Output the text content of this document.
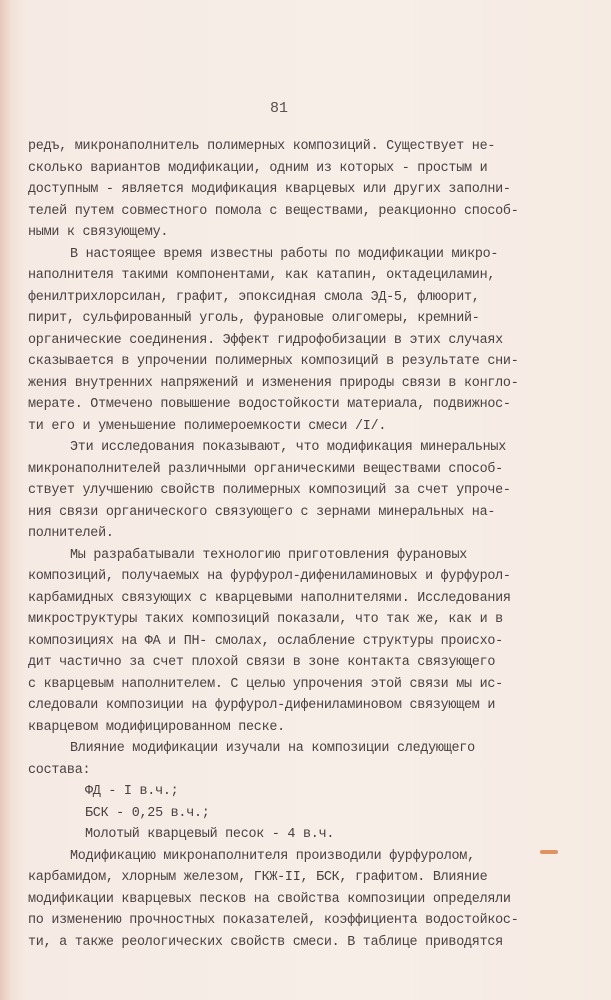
81
редъ, микронаполнитель полимерных композиций. Существует не-
сколько вариантов модификации, одним из которых - простым и
доступным - является модификация кварцевых или других заполни-
телей путем совместного помола с веществами, реакционно способ-
ными к связующему.
В настоящее время известны работы по модификации микро-
наполнителя такими компонентами, как катапин, октадециламин,
фенилтрихлорсилан, графит, эпоксидная смола ЭД-5, флюорит,
пирит, сульфированный уголь, фурановые олигомеры, кремний-
органические соединения. Эффект гидрофобизации в этих случаях
сказывается в упрочении полимерных композиций в результате сни-
жения внутренних напряжений и изменения природы связи в конгло-
мерате. Отмечено повышение водостойкости материала, подвижнос-
ти его и уменьшение полимероемкости смеси /I/.
Эти исследования показывают, что модификация минеральных
микронаполнителей различными органическими веществами способ-
ствует улучшению свойств полимерных композиций за счет упроче-
ния связи органического связующего с зернами минеральных на-
полнителей.
Мы разрабатывали технологию приготовления фурановых
композиций, получаемых на фурфурол-дифениламиновых и фурфурол-
карбамидных связующих с кварцевыми наполнителями. Исследования
микроструктуры таких композиций показали, что так же, как и в
композициях на ФА и ПН- смолах, ослабление структуры происхо-
дит частично за счет плохой связи в зоне контакта связующего
с кварцевым наполнителем. С целью упрочения этой связи мы ис-
следовали композиции на фурфурол-дифениламиновом связующем и
кварцевом модифицированном песке.
Влияние модификации изучали на композиции следующего
состава:
ФД - I в.ч.;
БСК - 0,25 в.ч.;
Молотый кварцевый песок - 4 в.ч.
Модификацию микронаполнителя производили фурфуролом,
карбамидом, хлорным железом, ГКЖ-II, БСК, графитом. Влияние
модификации кварцевых песков на свойства композиции определяли
по изменению прочностных показателей, коэффициента водостойкос-
ти, а также реологических свойств смеси. В таблице приводятся
